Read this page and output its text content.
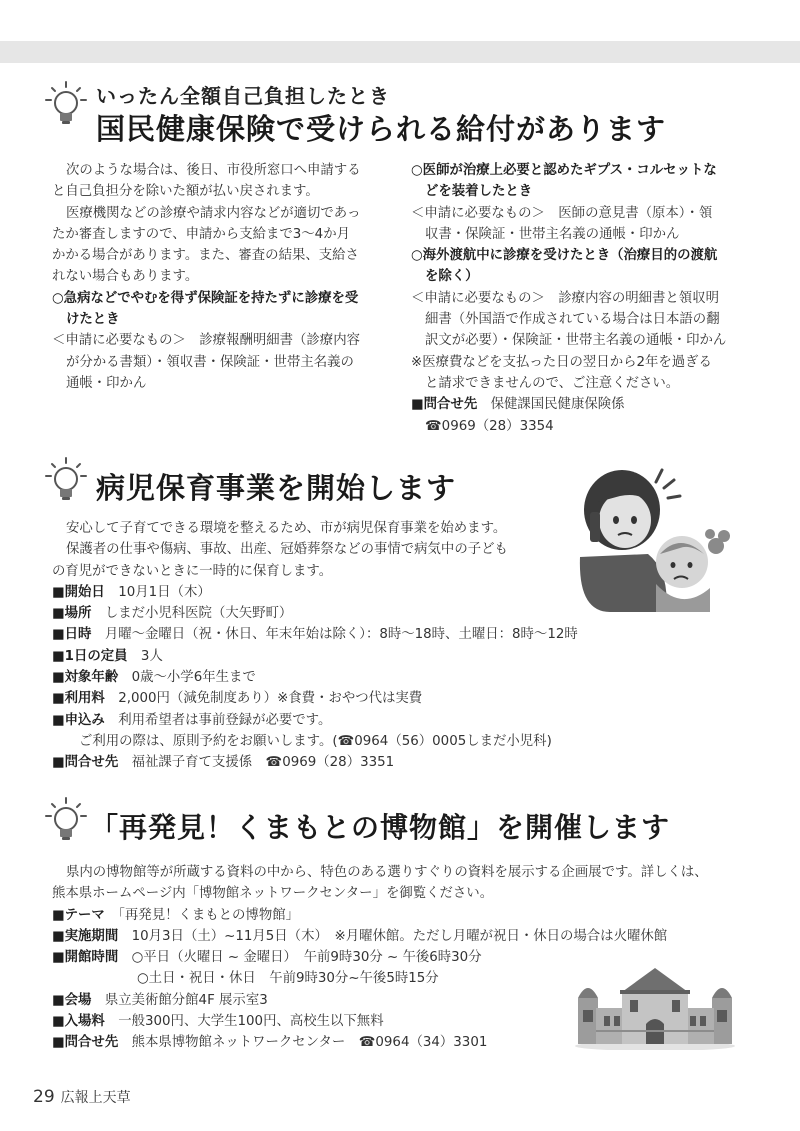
いったん全額自己負担したとき
国民健康保険で受けられる給付があります
次のような場合は、後日、市役所窓口へ申請する
と自己負担分を除いた額が払い戻されます。
医療機関などの診療や請求内容などが適切であっ
たか審査しますので、申請から支給まで3～4か月
かかる場合があります。また、審査の結果、支給さ
れない場合もあります。
○急病などでやむを得ず保険証を持たずに診療を受
けたとき
＜申請に必要なもの＞　診療報酬明細書（診療内容
が分かる書類）・領収書・保険証・世帯主名義の
通帳・印かん
○医師が治療上必要と認めたギプス・コルセットな
どを装着したとき
＜申請に必要なもの＞　医師の意見書（原本）・領
収書・保険証・世帯主名義の通帳・印かん
○海外渡航中に診療を受けたとき（治療目的の渡航
を除く）
＜申請に必要なもの＞　診療内容の明細書と領収明
細書（外国語で作成されている場合は日本語の翻
訳文が必要）・保険証・世帯主名義の通帳・印かん
※医療費などを支払った日の翌日から2年を過ぎる
と請求できませんので、ご注意ください。
■問合せ先　 保健課国民健康保険係
☎0969（28）3354
病児保育事業を開始します
安心して子育てできる環境を整えるため、市が病児保育事業を始めます。
保護者の仕事や傷病、事故、出産、冠婚葬祭などの事情で病気中の子ども
の育児ができないときに一時的に保育します。
■開始日　 10月1日（木）
■場所　 しまだ小児科医院（大矢野町）
■日時　 月曜～金曜日（祝・休日、年末年始は除く）：8時～18時、土曜日：8時～12時
■1日の定員　 3人
■対象年齢　 0歳～小学6年生まで
■利用料　 2,000円（減免制度あり）※食費・おやつ代は実費
■申込み　 利用希望者は事前登録が必要です。
ご利用の際は、原則予約をお願いします。(☎0964（56）0005しまだ小児科)
■問合せ先　 福祉課子育て支援係　☎0969（28）3351
「再発見！くまもとの博物館」を開催します
県内の博物館等が所蔵する資料の中から、特色のある選りすぐりの資料を展示する企画展です。詳しくは、
熊本県ホームページ内「博物館ネットワークセンター」を御覧ください。
■テーマ　 「再発見！くまもとの博物館」
■実施期間　 10月3日（土）~11月5日（木）　※月曜休館。ただし月曜が祝日・休日の場合は火曜休館
■開館時間　 ○平日（火曜日 ~ 金曜日）　午前9時30分 ~ 午後6時30分
○土日・祝日・休日　午前9時30分~午後5時15分
■会場　 県立美術館分館4F 展示室3
■入場料　 一般300円、大学生100円、高校生以下無料
■問合せ先　 熊本県博物館ネットワークセンター　☎0964（34）3301
29 広報上天草
